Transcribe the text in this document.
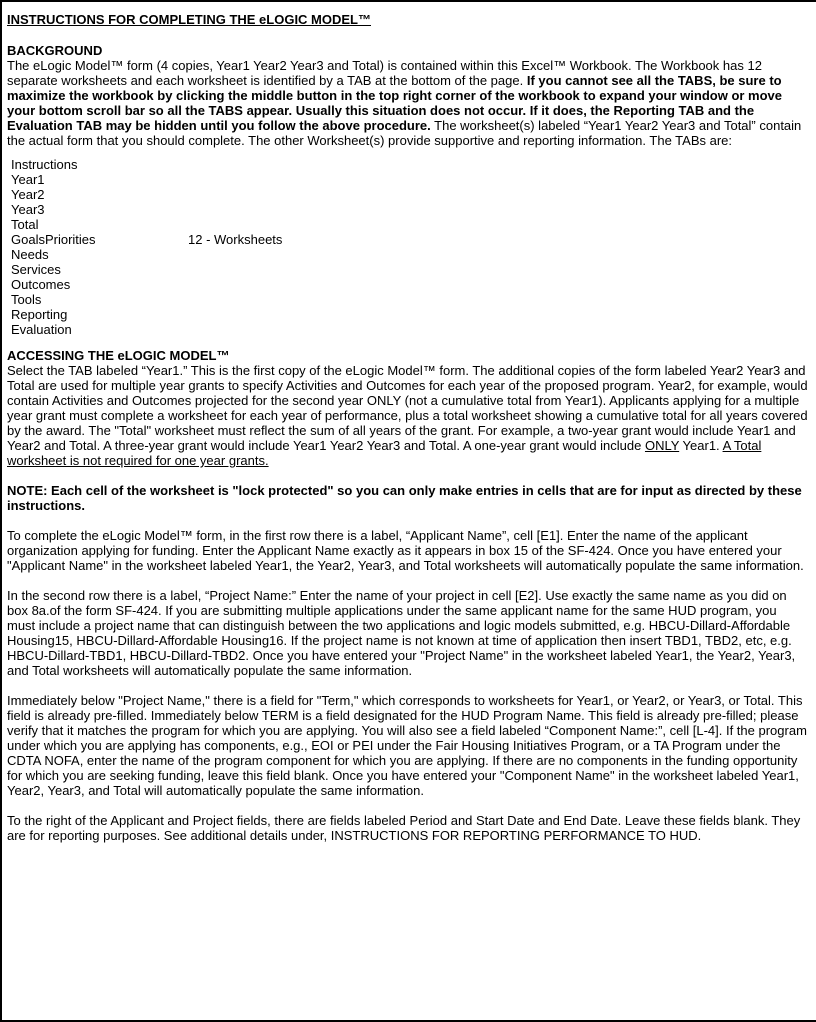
INSTRUCTIONS FOR COMPLETING THE eLOGIC MODEL™
BACKGROUND

The eLogic Model™ form (4 copies, Year1 Year2 Year3 and Total) is contained within this Excel™ Workbook. The Workbook has 12 separate worksheets and each worksheet is identified by a TAB at the bottom of the page. If you cannot see all the TABS, be sure to maximize the workbook by clicking the middle button in the top right corner of the workbook to expand your window or move your bottom scroll bar so all the TABS appear. Usually this situation does not occur. If it does, the Reporting TAB and the Evaluation TAB may be hidden until you follow the above procedure. The worksheet(s) labeled “Year1 Year2 Year3 and Total” contain the actual form that you should complete. The other Worksheet(s) provide supportive and reporting information. The TABs are:

Instructions
Year1
Year2
Year3
Total
GoalsPriorities	12 - Worksheets
Needs
Services
Outcomes
Tools
Reporting
Evaluation
ACCESSING THE eLOGIC MODEL™

Select the TAB labeled “Year1.” This is the first copy of the eLogic Model™ form. The additional copies of the form labeled Year2 Year3 and Total are used for multiple year grants to specify Activities and Outcomes for each year of the proposed program. Year2, for example, would contain Activities and Outcomes projected for the second year ONLY (not a cumulative total from Year1). Applicants applying for a multiple year grant must complete a worksheet for each year of performance, plus a total worksheet showing a cumulative total for all years covered by the award. The "Total" worksheet must reflect the sum of all years of the grant. For example, a two-year grant would include Year1 and Year2 and Total. A three-year grant would include Year1 Year2 Year3 and Total. A one-year grant would include ONLY Year1. A Total worksheet is not required for one year grants.

NOTE: Each cell of the worksheet is "lock protected" so you can only make entries in cells that are for input as directed by these instructions.

To complete the eLogic Model™ form, in the first row there is a label, “Applicant Name”, cell [E1]. Enter the name of the applicant organization applying for funding. Enter the Applicant Name exactly as it appears in box 15 of the SF-424. Once you have entered your "Applicant Name" in the worksheet labeled Year1, the Year2, Year3, and Total worksheets will automatically populate the same information.

In the second row there is a label, “Project Name:” Enter the name of your project in cell [E2]. Use exactly the same name as you did on box 8a.of the form SF-424. If you are submitting multiple applications under the same applicant name for the same HUD program, you must include a project name that can distinguish between the two applications and logic models submitted, e.g. HBCU-Dillard-Affordable Housing15, HBCU-Dillard-Affordable Housing16. If the project name is not known at time of application then insert TBD1, TBD2, etc, e.g. HBCU-Dillard-TBD1, HBCU-Dillard-TBD2. Once you have entered your "Project Name" in the worksheet labeled Year1, the Year2, Year3, and Total worksheets will automatically populate the same information.

Immediately below "Project Name," there is a field for "Term," which corresponds to worksheets for Year1, or Year2, or Year3, or Total. This field is already pre-filled. Immediately below TERM is a field designated for the HUD Program Name. This field is already pre-filled; please verify that it matches the program for which you are applying. You will also see a field labeled “Component Name:”, cell [L-4]. If the program under which you are applying has components, e.g., EOI or PEI under the Fair Housing Initiatives Program, or a TA Program under the CDTA NOFA, enter the name of the program component for which you are applying. If there are no components in the funding opportunity for which you are seeking funding, leave this field blank. Once you have entered your "Component Name" in the worksheet labeled Year1, Year2, Year3, and Total will automatically populate the same information.

To the right of the Applicant and Project fields, there are fields labeled Period and Start Date and End Date. Leave these fields blank. They are for reporting purposes. See additional details under, INSTRUCTIONS FOR REPORTING PERFORMANCE TO HUD.
